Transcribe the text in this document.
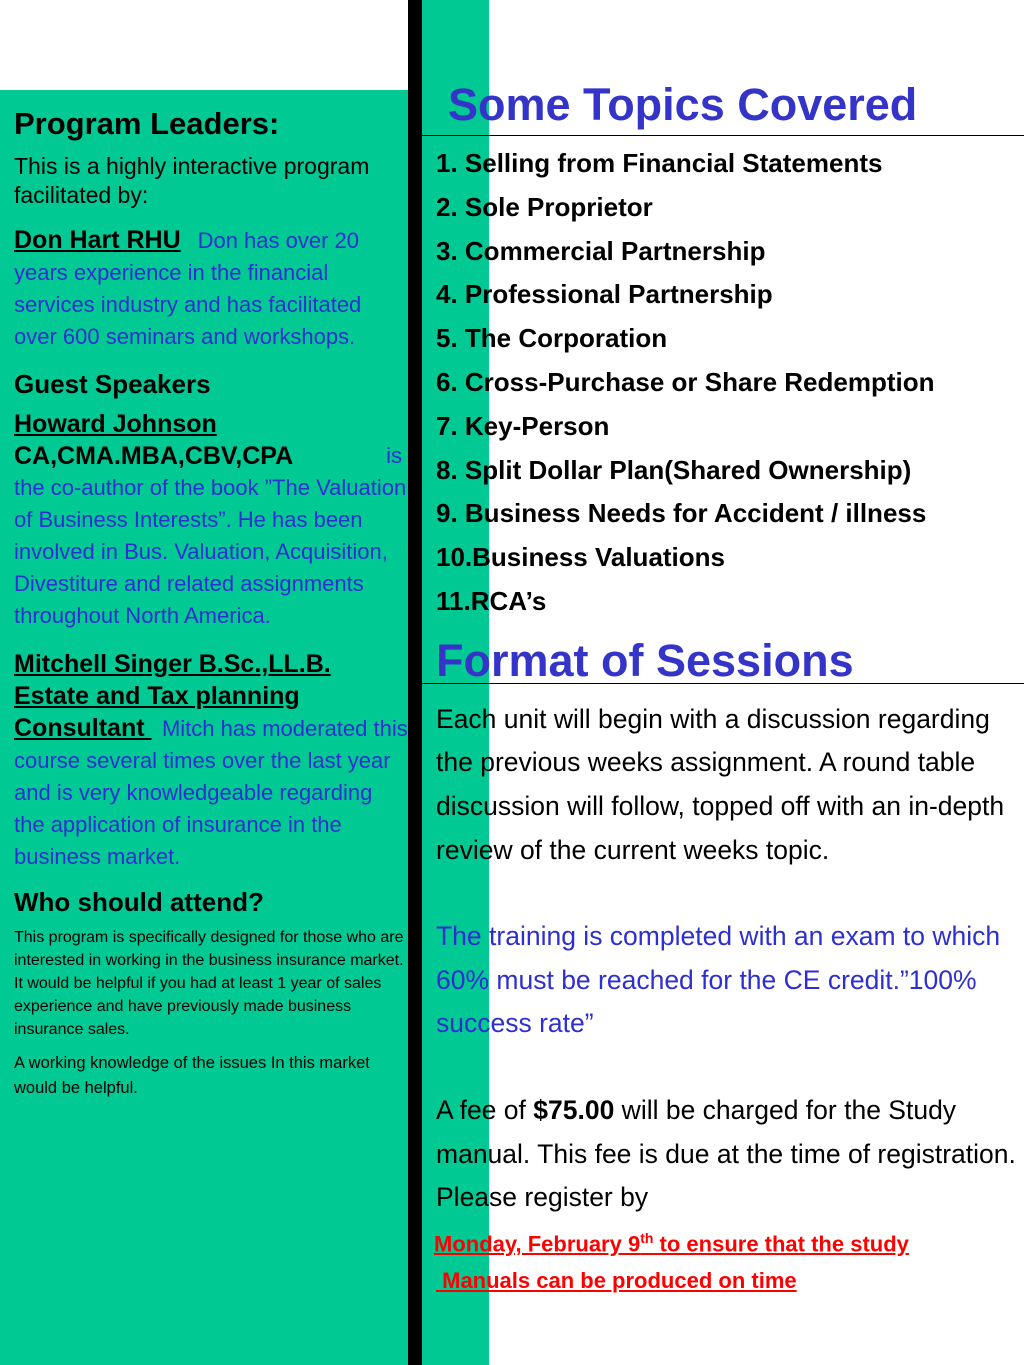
Program Leaders:

This is a highly interactive program facilitated by:

Don Hart RHU Don has over 20 years experience in the financial services industry and has facilitated over 600 seminars and workshops.
Guest Speakers
Howard Johnson
CA,CMA.MBA,CBV,CPA	is
the co-author of the book ”The Valuation of Business Interests”. He has been involved in Bus. Valuation, Acquisition, Divestiture and related assignments throughout North America.
Mitchell Singer B.Sc.,LL.B.
Estate and Tax planning
Consultant  Mitch has moderated this course several times over the last year and is very knowledgeable regarding the application of insurance in the business market.
Who should attend?

This program is specifically designed for those who are interested in working in the business insurance market. It would be helpful if you had at least 1 year of sales experience and have previously made business insurance sales.

A working knowledge of the issues In this market would be helpful.

Some Topics Covered
1. Selling from Financial Statements
2. Sole Proprietor
3. Commercial Partnership
4. Professional Partnership
5. The Corporation
6. Cross-Purchase or Share Redemption
7. Key-Person
8. Split Dollar Plan(Shared Ownership)
9. Business Needs for Accident / illness
10.Business Valuations
11.RCA’s
Format of Sessions

Each unit will begin with a discussion regarding the previous weeks assignment. A round table discussion will follow, topped off with an in-depth review of the current weeks topic.

The training is completed with an exam to which 60% must be reached for the CE credit.”100% success rate”

A fee of $75.00 will be charged for the Study manual. This fee is due at the time of registration. Please register by

Monday, February 9th to ensure that the study

Manuals can be produced on time
